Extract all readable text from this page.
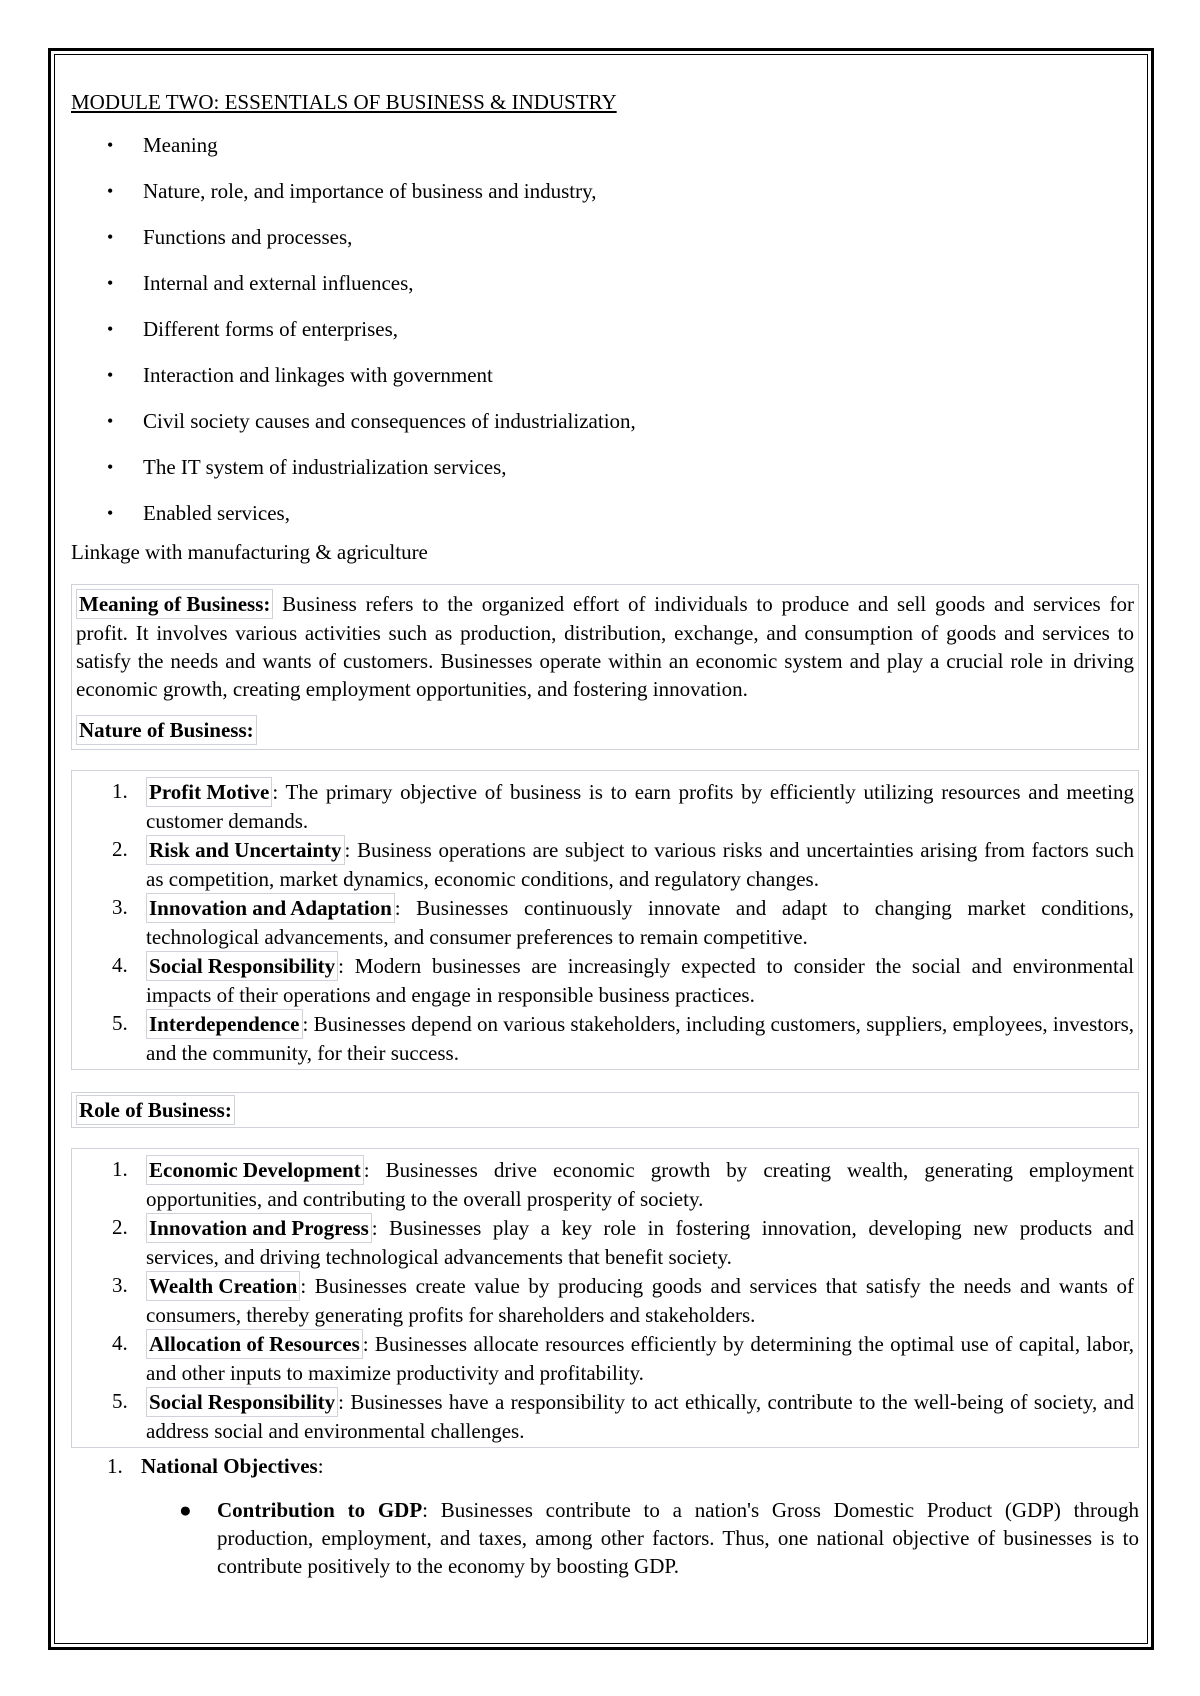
MODULE TWO: ESSENTIALS OF BUSINESS & INDUSTRY
• Meaning
• Nature, role, and importance of business and industry,
• Functions and processes,
• Internal and external influences,
• Different forms of enterprises,
• Interaction and linkages with government
• Civil society causes and consequences of industrialization,
• The IT system of industrialization services,
• Enabled services,
Linkage with manufacturing & agriculture

Meaning of Business: Business refers to the organized effort of individuals to produce and sell goods and services for profit. It involves various activities such as production, distribution, exchange, and consumption of goods and services to satisfy the needs and wants of customers. Businesses operate within an economic system and play a crucial role in driving economic growth, creating employment opportunities, and fostering innovation.

Nature of Business:
1. Profit Motive : The primary objective of business is to earn profits by efficiently utilizing resources and meeting customer demands.
2. Risk and Uncertainty : Business operations are subject to various risks and uncertainties arising from factors such as competition, market dynamics, economic conditions, and regulatory changes.
3. Innovation and Adaptation : Businesses continuously innovate and adapt to changing market conditions, technological advancements, and consumer preferences to remain competitive.
4. Social Responsibility : Modern businesses are increasingly expected to consider the social and environmental impacts of their operations and engage in responsible business practices.
5. Interdependence : Businesses depend on various stakeholders, including customers, suppliers, employees, investors, and the community, for their success.
Role of Business:
1. Economic Development : Businesses drive economic growth by creating wealth, generating employment opportunities, and contributing to the overall prosperity of society.
2. Innovation and Progress : Businesses play a key role in fostering innovation, developing new products and services, and driving technological advancements that benefit society.
3. Wealth Creation : Businesses create value by producing goods and services that satisfy the needs and wants of consumers, thereby generating profits for shareholders and stakeholders.
4. Allocation of Resources : Businesses allocate resources efficiently by determining the optimal use of capital, labor, and other inputs to maximize productivity and profitability.
5. Social Responsibility : Businesses have a responsibility to act ethically, contribute to the well-being of society, and address social and environmental challenges.
1. National Objectives:
● Contribution to GDP: Businesses contribute to a nation's Gross Domestic Product (GDP) through production, employment, and taxes, among other factors. Thus, one national objective of businesses is to contribute positively to the economy by boosting GDP.
